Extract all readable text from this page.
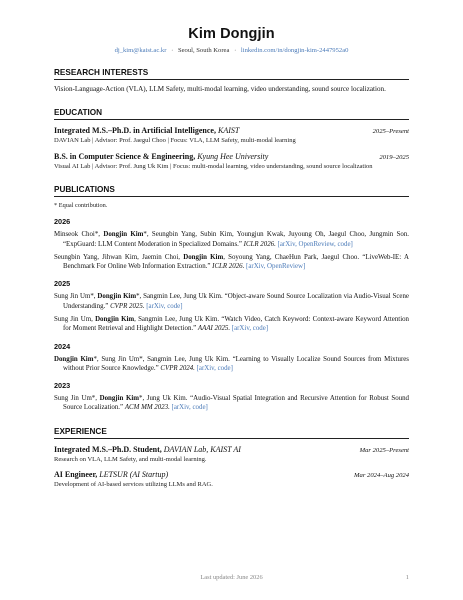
Kim Dongjin
dj_kim@kaist.ac.kr · Seoul, South Korea · linkedin.com/in/dongjin-kim-2447952a0
RESEARCH INTERESTS
Vision-Language-Action (VLA), LLM Safety, multi-modal learning, video understanding, sound source localization.
EDUCATION
Integrated M.S.–Ph.D. in Artificial Intelligence, KAIST	2025–Present
DAVIAN Lab | Advisor: Prof. Jaegul Choo | Focus: VLA, LLM Safety, multi-modal learning
B.S. in Computer Science & Engineering, Kyung Hee University	2019–2025
Visual AI Lab | Advisor: Prof. Jung Uk Kim | Focus: multi-modal learning, video understanding, sound source localization
PUBLICATIONS
* Equal contribution.
2026
Minseok Choi*, Dongjin Kim*, Seungbin Yang, Subin Kim, Youngjun Kwak, Juyoung Oh, Jaegul Choo, Jungmin Son. “ExpGuard: LLM Content Moderation in Specialized Domains.” ICLR 2026. [arXiv, OpenReview, code]
Seungbin Yang, Jihwan Kim, Jaemin Choi, Dongjin Kim, Soyoung Yang, ChaeHun Park, Jaegul Choo. “LiveWeb-IE: A Benchmark For Online Web Information Extraction.” ICLR 2026. [arXiv, OpenReview]
2025
Sung Jin Um*, Dongjin Kim*, Sangmin Lee, Jung Uk Kim. “Object-aware Sound Source Localization via Audio-Visual Scene Understanding.” CVPR 2025. [arXiv, code]
Sung Jin Um, Dongjin Kim, Sangmin Lee, Jung Uk Kim. “Watch Video, Catch Keyword: Context-aware Keyword Attention for Moment Retrieval and Highlight Detection.” AAAI 2025. [arXiv, code]
2024
Dongjin Kim*, Sung Jin Um*, Sangmin Lee, Jung Uk Kim. “Learning to Visually Localize Sound Sources from Mixtures without Prior Source Knowledge.” CVPR 2024. [arXiv, code]
2023
Sung Jin Um*, Dongjin Kim*, Jung Uk Kim. “Audio-Visual Spatial Integration and Recursive Attention for Robust Sound Source Localization.” ACM MM 2023. [arXiv, code]
EXPERIENCE
Integrated M.S.–Ph.D. Student, DAVIAN Lab, KAIST AI	Mar 2025–Present
Research on VLA, LLM Safety, and multi-modal learning.
AI Engineer, LETSUR (AI Startup)	Mar 2024–Aug 2024
Development of AI-based services utilizing LLMs and RAG.
Last updated: June 2026	1
